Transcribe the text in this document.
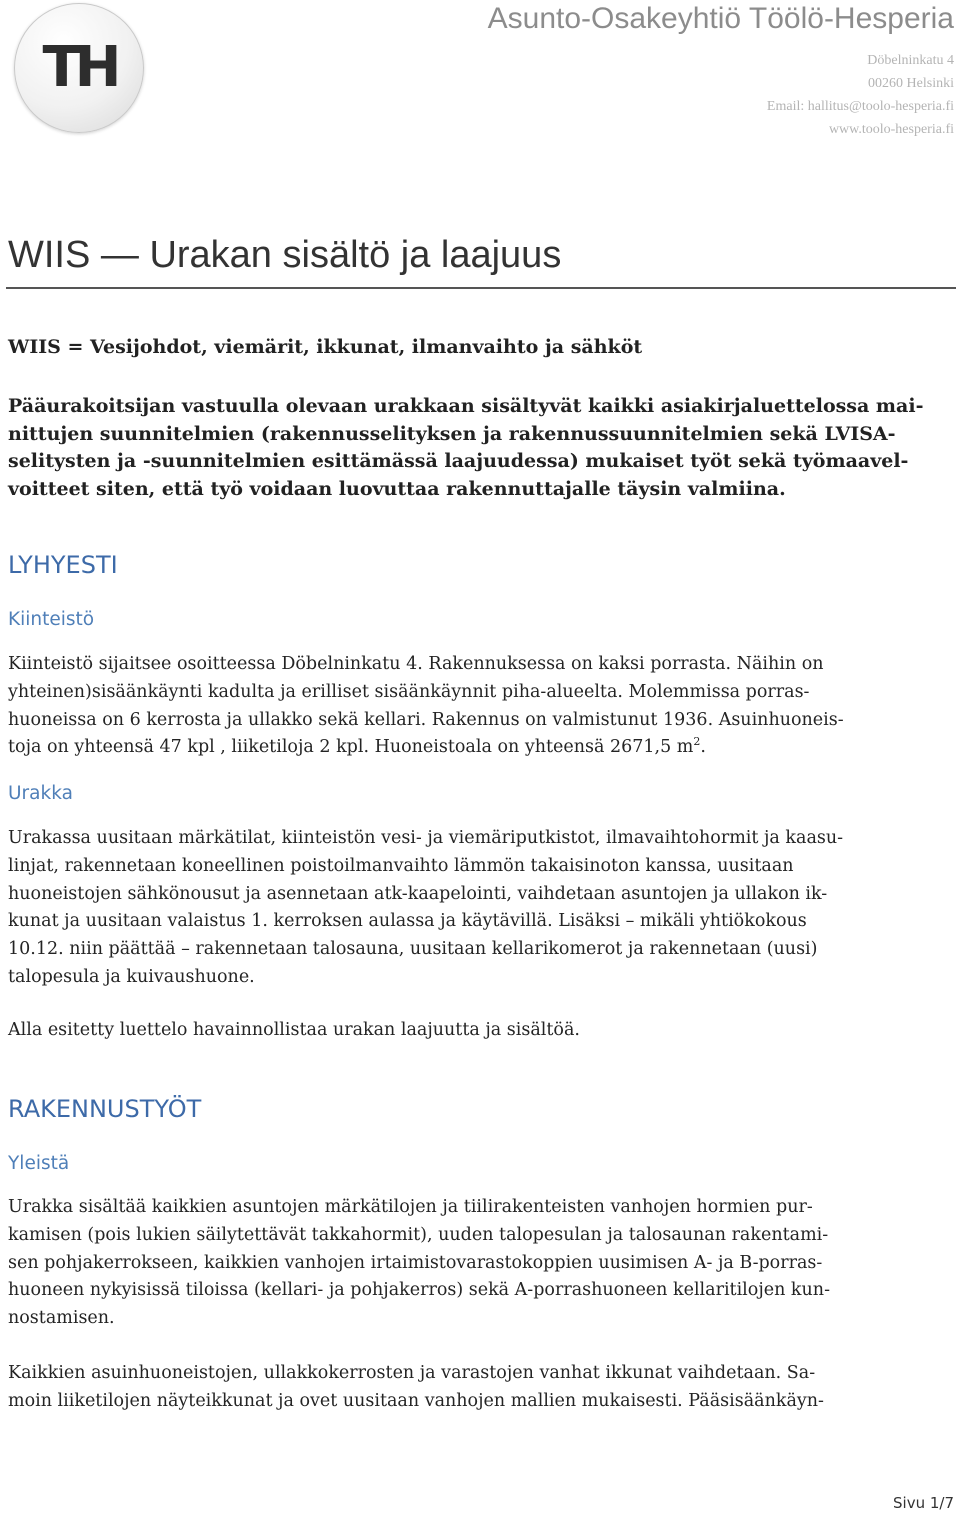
TH
Asunto-Osakeyhtiö Töölö-Hesperia
Döbelninkatu 4
00260 Helsinki
Email: hallitus@toolo-hesperia.fi
www.toolo-hesperia.fi
WIIS — Urakan sisältö ja laajuus

WIIS = Vesijohdot, viemärit, ikkunat, ilmanvaihto ja sähköt

Pääurakoitsijan vastuulla olevaan urakkaan sisältyvät kaikki asiakirjaluettelossa mai-
nittujen suunnitelmien (rakennusselityksen ja rakennussuunnitelmien sekä LVISA-
selitysten ja -suunnitelmien esittämässä laajuudessa) mukaiset työt sekä työmaavel-
voitteet siten, että työ voidaan luovuttaa rakennuttajalle täysin valmiina.

LYHYESTI
Kiinteistö

Kiinteistö sijaitsee osoitteessa Döbelninkatu 4. Rakennuksessa on kaksi porrasta. Näihin on
yhteinen)sisäänkäynti kadulta ja erilliset sisäänkäynnit piha-alueelta. Molemmissa porras-
huoneissa on 6 kerrosta ja ullakko sekä kellari. Rakennus on valmistunut 1936. Asuinhuoneis-
toja on yhteensä 47 kpl , liiketiloja 2 kpl. Huoneistoala on yhteensä 2671,5 $m^2$.

Urakka

Urakassa uusitaan märkätilat, kiinteistön vesi- ja viemäriputkistot, ilmavaihtohormit ja kaasu-
linjat, rakennetaan koneellinen poistoilmanvaihto lämmön takaisinoton kanssa, uusitaan
huoneistojen sähkönousut ja asennetaan atk-kaapelointi, vaihdetaan asuntojen ja ullakon ik-
kunat ja uusitaan valaistus 1. kerroksen aulassa ja käytävillä. Lisäksi – mikäli yhtiökokous
10.12. niin päättää – rakennetaan talosauna, uusitaan kellarikomerot ja rakennetaan (uusi)
talopesula ja kuivaushuone.

Alla esitetty luettelo havainnollistaa urakan laajuutta ja sisältöä.

RAKENNUSTYÖT
Yleistä

Urakka sisältää kaikkien asuntojen märkätilojen ja tiilirakenteisten vanhojen hormien pur-
kamisen (pois lukien säilytettävät takkahormit), uuden talopesulan ja talosaunan rakentami-
sen pohjakerrokseen, kaikkien vanhojen irtaimistovarastokoppien uusimisen A- ja B-porras-
huoneen nykyisissä tiloissa (kellari- ja pohjakerros) sekä A-porrashuoneen kellaritilojen kun-
nostamisen.

Kaikkien asuinhuoneistojen, ullakkokerrosten ja varastojen vanhat ikkunat vaihdetaan. Sa-
moin liiketilojen näyteikkunat ja ovet uusitaan vanhojen mallien mukaisesti. Pääsisäänkäyn-

Sivu 1/7
